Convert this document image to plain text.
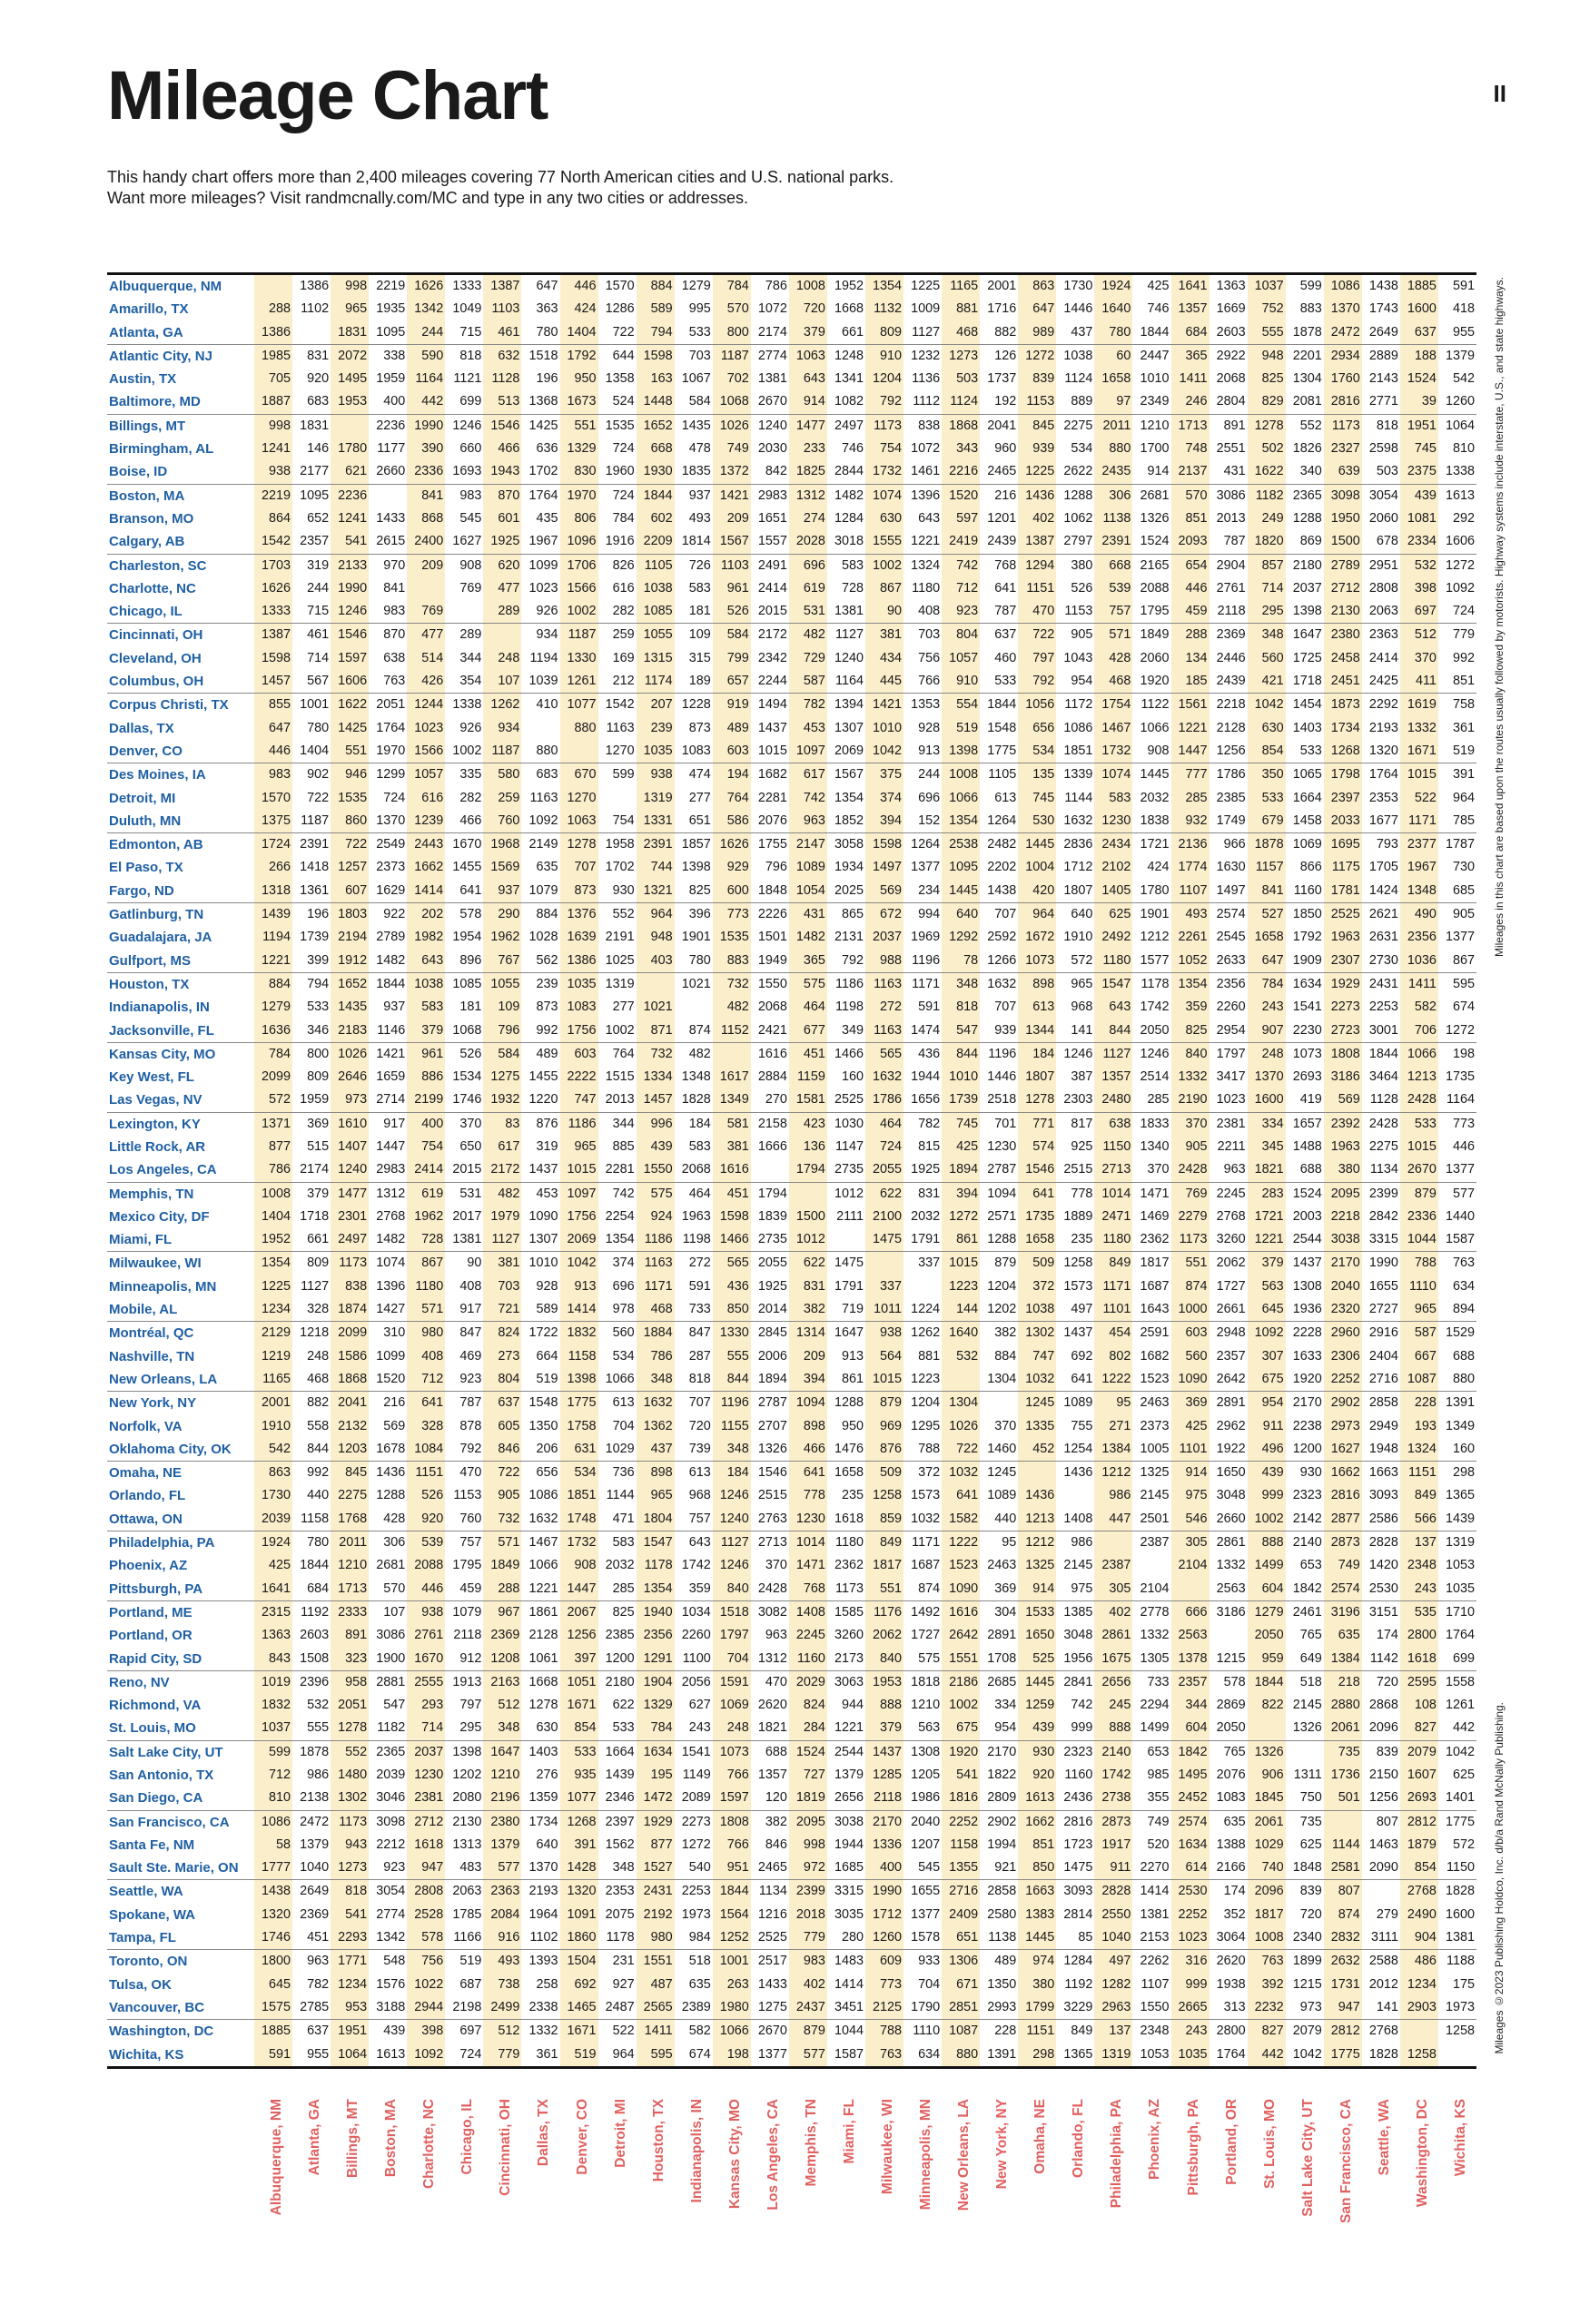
Mileage Chart	II
This handy chart offers more than 2,400 mileages covering 77 North American cities and U.S. national parks.
Want more mileages? Visit randmcnally.com/MC and type in any two cities or addresses.
Albuquerque, NM		1386	998	2219	1626	1333	1387	647	446	1570	884	1279	784	786	1008	1952	1354	1225	1165	2001	863	1730	1924	425	1641	1363	1037	599	1086	1438	1885	591
Amarillo, TX	288	1102	965	1935	1342	1049	1103	363	424	1286	589	995	570	1072	720	1668	1132	1009	881	1716	647	1446	1640	746	1357	1669	752	883	1370	1743	1600	418
Atlanta, GA	1386		1831	1095	244	715	461	780	1404	722	794	533	800	2174	379	661	809	1127	468	882	989	437	780	1844	684	2603	555	1878	2472	2649	637	955
Atlantic City, NJ	1985	831	2072	338	590	818	632	1518	1792	644	1598	703	1187	2774	1063	1248	910	1232	1273	126	1272	1038	60	2447	365	2922	948	2201	2934	2889	188	1379
Austin, TX	705	920	1495	1959	1164	1121	1128	196	950	1358	163	1067	702	1381	643	1341	1204	1136	503	1737	839	1124	1658	1010	1411	2068	825	1304	1760	2143	1524	542
Baltimore, MD	1887	683	1953	400	442	699	513	1368	1673	524	1448	584	1068	2670	914	1082	792	1112	1124	192	1153	889	97	2349	246	2804	829	2081	2816	2771	39	1260
Billings, MT	998	1831		2236	1990	1246	1546	1425	551	1535	1652	1435	1026	1240	1477	2497	1173	838	1868	2041	845	2275	2011	1210	1713	891	1278	552	1173	818	1951	1064
Birmingham, AL	1241	146	1780	1177	390	660	466	636	1329	724	668	478	749	2030	233	746	754	1072	343	960	939	534	880	1700	748	2551	502	1826	2327	2598	745	810
Boise, ID	938	2177	621	2660	2336	1693	1943	1702	830	1960	1930	1835	1372	842	1825	2844	1732	1461	2216	2465	1225	2622	2435	914	2137	431	1622	340	639	503	2375	1338
Boston, MA	2219	1095	2236		841	983	870	1764	1970	724	1844	937	1421	2983	1312	1482	1074	1396	1520	216	1436	1288	306	2681	570	3086	1182	2365	3098	3054	439	1613
Branson, MO	864	652	1241	1433	868	545	601	435	806	784	602	493	209	1651	274	1284	630	643	597	1201	402	1062	1138	1326	851	2013	249	1288	1950	2060	1081	292
Calgary, AB	1542	2357	541	2615	2400	1627	1925	1967	1096	1916	2209	1814	1567	1557	2028	3018	1555	1221	2419	2439	1387	2797	2391	1524	2093	787	1820	869	1500	678	2334	1606
Charleston, SC	1703	319	2133	970	209	908	620	1099	1706	826	1105	726	1103	2491	696	583	1002	1324	742	768	1294	380	668	2165	654	2904	857	2180	2789	2951	532	1272
Charlotte, NC	1626	244	1990	841		769	477	1023	1566	616	1038	583	961	2414	619	728	867	1180	712	641	1151	526	539	2088	446	2761	714	2037	2712	2808	398	1092
Chicago, IL	1333	715	1246	983	769		289	926	1002	282	1085	181	526	2015	531	1381	90	408	923	787	470	1153	757	1795	459	2118	295	1398	2130	2063	697	724
Cincinnati, OH	1387	461	1546	870	477	289		934	1187	259	1055	109	584	2172	482	1127	381	703	804	637	722	905	571	1849	288	2369	348	1647	2380	2363	512	779
Cleveland, OH	1598	714	1597	638	514	344	248	1194	1330	169	1315	315	799	2342	729	1240	434	756	1057	460	797	1043	428	2060	134	2446	560	1725	2458	2414	370	992
Columbus, OH	1457	567	1606	763	426	354	107	1039	1261	212	1174	189	657	2244	587	1164	445	766	910	533	792	954	468	1920	185	2439	421	1718	2451	2425	411	851
Corpus Christi, TX	855	1001	1622	2051	1244	1338	1262	410	1077	1542	207	1228	919	1494	782	1394	1421	1353	554	1844	1056	1172	1754	1122	1561	2218	1042	1454	1873	2292	1619	758
Dallas, TX	647	780	1425	1764	1023	926	934		880	1163	239	873	489	1437	453	1307	1010	928	519	1548	656	1086	1467	1066	1221	2128	630	1403	1734	2193	1332	361
Denver, CO	446	1404	551	1970	1566	1002	1187	880		1270	1035	1083	603	1015	1097	2069	1042	913	1398	1775	534	1851	1732	908	1447	1256	854	533	1268	1320	1671	519
Des Moines, IA	983	902	946	1299	1057	335	580	683	670	599	938	474	194	1682	617	1567	375	244	1008	1105	135	1339	1074	1445	777	1786	350	1065	1798	1764	1015	391
Detroit, MI	1570	722	1535	724	616	282	259	1163	1270		1319	277	764	2281	742	1354	374	696	1066	613	745	1144	583	2032	285	2385	533	1664	2397	2353	522	964
Duluth, MN	1375	1187	860	1370	1239	466	760	1092	1063	754	1331	651	586	2076	963	1852	394	152	1354	1264	530	1632	1230	1838	932	1749	679	1458	2033	1677	1171	785
Edmonton, AB	1724	2391	722	2549	2443	1670	1968	2149	1278	1958	2391	1857	1626	1755	2147	3058	1598	1264	2538	2482	1445	2836	2434	1721	2136	966	1878	1069	1695	793	2377	1787
El Paso, TX	266	1418	1257	2373	1662	1455	1569	635	707	1702	744	1398	929	796	1089	1934	1497	1377	1095	2202	1004	1712	2102	424	1774	1630	1157	866	1175	1705	1967	730
Fargo, ND	1318	1361	607	1629	1414	641	937	1079	873	930	1321	825	600	1848	1054	2025	569	234	1445	1438	420	1807	1405	1780	1107	1497	841	1160	1781	1424	1348	685
Gatlinburg, TN	1439	196	1803	922	202	578	290	884	1376	552	964	396	773	2226	431	865	672	994	640	707	964	640	625	1901	493	2574	527	1850	2525	2621	490	905
Guadalajara, JA	1194	1739	2194	2789	1982	1954	1962	1028	1639	2191	948	1901	1535	1501	1482	2131	2037	1969	1292	2592	1672	1910	2492	1212	2261	2545	1658	1792	1963	2631	2356	1377
Gulfport, MS	1221	399	1912	1482	643	896	767	562	1386	1025	403	780	883	1949	365	792	988	1196	78	1266	1073	572	1180	1577	1052	2633	647	1909	2307	2730	1036	867
Houston, TX	884	794	1652	1844	1038	1085	1055	239	1035	1319		1021	732	1550	575	1186	1163	1171	348	1632	898	965	1547	1178	1354	2356	784	1634	1929	2431	1411	595
Indianapolis, IN	1279	533	1435	937	583	181	109	873	1083	277	1021		482	2068	464	1198	272	591	818	707	613	968	643	1742	359	2260	243	1541	2273	2253	582	674
Jacksonville, FL	1636	346	2183	1146	379	1068	796	992	1756	1002	871	874	1152	2421	677	349	1163	1474	547	939	1344	141	844	2050	825	2954	907	2230	2723	3001	706	1272
Kansas City, MO	784	800	1026	1421	961	526	584	489	603	764	732	482		1616	451	1466	565	436	844	1196	184	1246	1127	1246	840	1797	248	1073	1808	1844	1066	198
Key West, FL	2099	809	2646	1659	886	1534	1275	1455	2222	1515	1334	1348	1617	2884	1159	160	1632	1944	1010	1446	1807	387	1357	2514	1332	3417	1370	2693	3186	3464	1213	1735
Las Vegas, NV	572	1959	973	2714	2199	1746	1932	1220	747	2013	1457	1828	1349	270	1581	2525	1786	1656	1739	2518	1278	2303	2480	285	2190	1023	1600	419	569	1128	2428	1164
Lexington, KY	1371	369	1610	917	400	370	83	876	1186	344	996	184	581	2158	423	1030	464	782	745	701	771	817	638	1833	370	2381	334	1657	2392	2428	533	773
Little Rock, AR	877	515	1407	1447	754	650	617	319	965	885	439	583	381	1666	136	1147	724	815	425	1230	574	925	1150	1340	905	2211	345	1488	1963	2275	1015	446
Los Angeles, CA	786	2174	1240	2983	2414	2015	2172	1437	1015	2281	1550	2068	1616		1794	2735	2055	1925	1894	2787	1546	2515	2713	370	2428	963	1821	688	380	1134	2670	1377
Memphis, TN	1008	379	1477	1312	619	531	482	453	1097	742	575	464	451	1794		1012	622	831	394	1094	641	778	1014	1471	769	2245	283	1524	2095	2399	879	577
Mexico City, DF	1404	1718	2301	2768	1962	2017	1979	1090	1756	2254	924	1963	1598	1839	1500	2111	2100	2032	1272	2571	1735	1889	2471	1469	2279	2768	1721	2003	2218	2842	2336	1440
Miami, FL	1952	661	2497	1482	728	1381	1127	1307	2069	1354	1186	1198	1466	2735	1012		1475	1791	861	1288	1658	235	1180	2362	1173	3260	1221	2544	3038	3315	1044	1587
Milwaukee, WI	1354	809	1173	1074	867	90	381	1010	1042	374	1163	272	565	2055	622	1475		337	1015	879	509	1258	849	1817	551	2062	379	1437	2170	1990	788	763
Minneapolis, MN	1225	1127	838	1396	1180	408	703	928	913	696	1171	591	436	1925	831	1791	337		1223	1204	372	1573	1171	1687	874	1727	563	1308	2040	1655	1110	634
Mobile, AL	1234	328	1874	1427	571	917	721	589	1414	978	468	733	850	2014	382	719	1011	1224	144	1202	1038	497	1101	1643	1000	2661	645	1936	2320	2727	965	894
Montréal, QC	2129	1218	2099	310	980	847	824	1722	1832	560	1884	847	1330	2845	1314	1647	938	1262	1640	382	1302	1437	454	2591	603	2948	1092	2228	2960	2916	587	1529
Nashville, TN	1219	248	1586	1099	408	469	273	664	1158	534	786	287	555	2006	209	913	564	881	532	884	747	692	802	1682	560	2357	307	1633	2306	2404	667	688
New Orleans, LA	1165	468	1868	1520	712	923	804	519	1398	1066	348	818	844	1894	394	861	1015	1223		1304	1032	641	1222	1523	1090	2642	675	1920	2252	2716	1087	880
New York, NY	2001	882	2041	216	641	787	637	1548	1775	613	1632	707	1196	2787	1094	1288	879	1204	1304		1245	1089	95	2463	369	2891	954	2170	2902	2858	228	1391
Norfolk, VA	1910	558	2132	569	328	878	605	1350	1758	704	1362	720	1155	2707	898	950	969	1295	1026	370	1335	755	271	2373	425	2962	911	2238	2973	2949	193	1349
Oklahoma City, OK	542	844	1203	1678	1084	792	846	206	631	1029	437	739	348	1326	466	1476	876	788	722	1460	452	1254	1384	1005	1101	1922	496	1200	1627	1948	1324	160
Omaha, NE	863	992	845	1436	1151	470	722	656	534	736	898	613	184	1546	641	1658	509	372	1032	1245		1436	1212	1325	914	1650	439	930	1662	1663	1151	298
Orlando, FL	1730	440	2275	1288	526	1153	905	1086	1851	1144	965	968	1246	2515	778	235	1258	1573	641	1089	1436		986	2145	975	3048	999	2323	2816	3093	849	1365
Ottawa, ON	2039	1158	1768	428	920	760	732	1632	1748	471	1804	757	1240	2763	1230	1618	859	1032	1582	440	1213	1408	447	2501	546	2660	1002	2142	2877	2586	566	1439
Philadelphia, PA	1924	780	2011	306	539	757	571	1467	1732	583	1547	643	1127	2713	1014	1180	849	1171	1222	95	1212	986		2387	305	2861	888	2140	2873	2828	137	1319
Phoenix, AZ	425	1844	1210	2681	2088	1795	1849	1066	908	2032	1178	1742	1246	370	1471	2362	1817	1687	1523	2463	1325	2145	2387		2104	1332	1499	653	749	1420	2348	1053
Pittsburgh, PA	1641	684	1713	570	446	459	288	1221	1447	285	1354	359	840	2428	768	1173	551	874	1090	369	914	975	305	2104		2563	604	1842	2574	2530	243	1035
Portland, ME	2315	1192	2333	107	938	1079	967	1861	2067	825	1940	1034	1518	3082	1408	1585	1176	1492	1616	304	1533	1385	402	2778	666	3186	1279	2461	3196	3151	535	1710
Portland, OR	1363	2603	891	3086	2761	2118	2369	2128	1256	2385	2356	2260	1797	963	2245	3260	2062	1727	2642	2891	1650	3048	2861	1332	2563		2050	765	635	174	2800	1764
Rapid City, SD	843	1508	323	1900	1670	912	1208	1061	397	1200	1291	1100	704	1312	1160	2173	840	575	1551	1708	525	1956	1675	1305	1378	1215	959	649	1384	1142	1618	699
Reno, NV	1019	2396	958	2881	2555	1913	2163	1668	1051	2180	1904	2056	1591	470	2029	3063	1953	1818	2186	2685	1445	2841	2656	733	2357	578	1844	518	218	720	2595	1558
Richmond, VA	1832	532	2051	547	293	797	512	1278	1671	622	1329	627	1069	2620	824	944	888	1210	1002	334	1259	742	245	2294	344	2869	822	2145	2880	2868	108	1261
St. Louis, MO	1037	555	1278	1182	714	295	348	630	854	533	784	243	248	1821	284	1221	379	563	675	954	439	999	888	1499	604	2050		1326	2061	2096	827	442
Salt Lake City, UT	599	1878	552	2365	2037	1398	1647	1403	533	1664	1634	1541	1073	688	1524	2544	1437	1308	1920	2170	930	2323	2140	653	1842	765	1326		735	839	2079	1042
San Antonio, TX	712	986	1480	2039	1230	1202	1210	276	935	1439	195	1149	766	1357	727	1379	1285	1205	541	1822	920	1160	1742	985	1495	2076	906	1311	1736	2150	1607	625
San Diego, CA	810	2138	1302	3046	2381	2080	2196	1359	1077	2346	1472	2089	1597	120	1819	2656	2118	1986	1816	2809	1613	2436	2738	355	2452	1083	1845	750	501	1256	2693	1401
San Francisco, CA	1086	2472	1173	3098	2712	2130	2380	1734	1268	2397	1929	2273	1808	382	2095	3038	2170	2040	2252	2902	1662	2816	2873	749	2574	635	2061	735		807	2812	1775
Santa Fe, NM	58	1379	943	2212	1618	1313	1379	640	391	1562	877	1272	766	846	998	1944	1336	1207	1158	1994	851	1723	1917	520	1634	1388	1029	625	1144	1463	1879	572
Sault Ste. Marie, ON	1777	1040	1273	923	947	483	577	1370	1428	348	1527	540	951	2465	972	1685	400	545	1355	921	850	1475	911	2270	614	2166	740	1848	2581	2090	854	1150
Seattle, WA	1438	2649	818	3054	2808	2063	2363	2193	1320	2353	2431	2253	1844	1134	2399	3315	1990	1655	2716	2858	1663	3093	2828	1414	2530	174	2096	839	807		2768	1828
Spokane, WA	1320	2369	541	2774	2528	1785	2084	1964	1091	2075	2192	1973	1564	1216	2018	3035	1712	1377	2409	2580	1383	2814	2550	1381	2252	352	1817	720	874	279	2490	1600
Tampa, FL	1746	451	2293	1342	578	1166	916	1102	1860	1178	980	984	1252	2525	779	280	1260	1578	651	1138	1445	85	1040	2153	1023	3064	1008	2340	2832	3111	904	1381
Toronto, ON	1800	963	1771	548	756	519	493	1393	1504	231	1551	518	1001	2517	983	1483	609	933	1306	489	974	1284	497	2262	316	2620	763	1899	2632	2588	486	1188
Tulsa, OK	645	782	1234	1576	1022	687	738	258	692	927	487	635	263	1433	402	1414	773	704	671	1350	380	1192	1282	1107	999	1938	392	1215	1731	2012	1234	175
Vancouver, BC	1575	2785	953	3188	2944	2198	2499	2338	1465	2487	2565	2389	1980	1275	2437	3451	2125	1790	2851	2993	1799	3229	2963	1550	2665	313	2232	973	947	141	2903	1973
Washington, DC	1885	637	1951	439	398	697	512	1332	1671	522	1411	582	1066	2670	879	1044	788	1110	1087	228	1151	849	137	2348	243	2800	827	2079	2812	2768		1258
Wichita, KS	591	955	1064	1613	1092	724	779	361	519	964	595	674	198	1377	577	1587	763	634	880	1391	298	1365	1319	1053	1035	1764	442	1042	1775	1828	1258	
Albuquerque, NM Atlanta, GA Billings, MT Boston, MA Charlotte, NC Chicago, IL Cincinnati, OH Dallas, TX Denver, CO Detroit, MI Houston, TX Indianapolis, IN Kansas City, MO Los Angeles, CA Memphis, TN Miami, FL Milwaukee, WI Minneapolis, MN New Orleans, LA New York, NY Omaha, NE Orlando, FL Philadelphia, PA Phoenix, AZ Pittsburgh, PA Portland, OR St. Louis, MO Salt Lake City, UT San Francisco, CA Seattle, WA Washington, DC Wichita, KS
Mileages in this chart are based upon the routes usually followed by motorists. Highway systems include interstate, U.S., and state highways.
Mileages ©2023 Publishing Holdco, Inc. d/b/a Rand McNally Publishing.
